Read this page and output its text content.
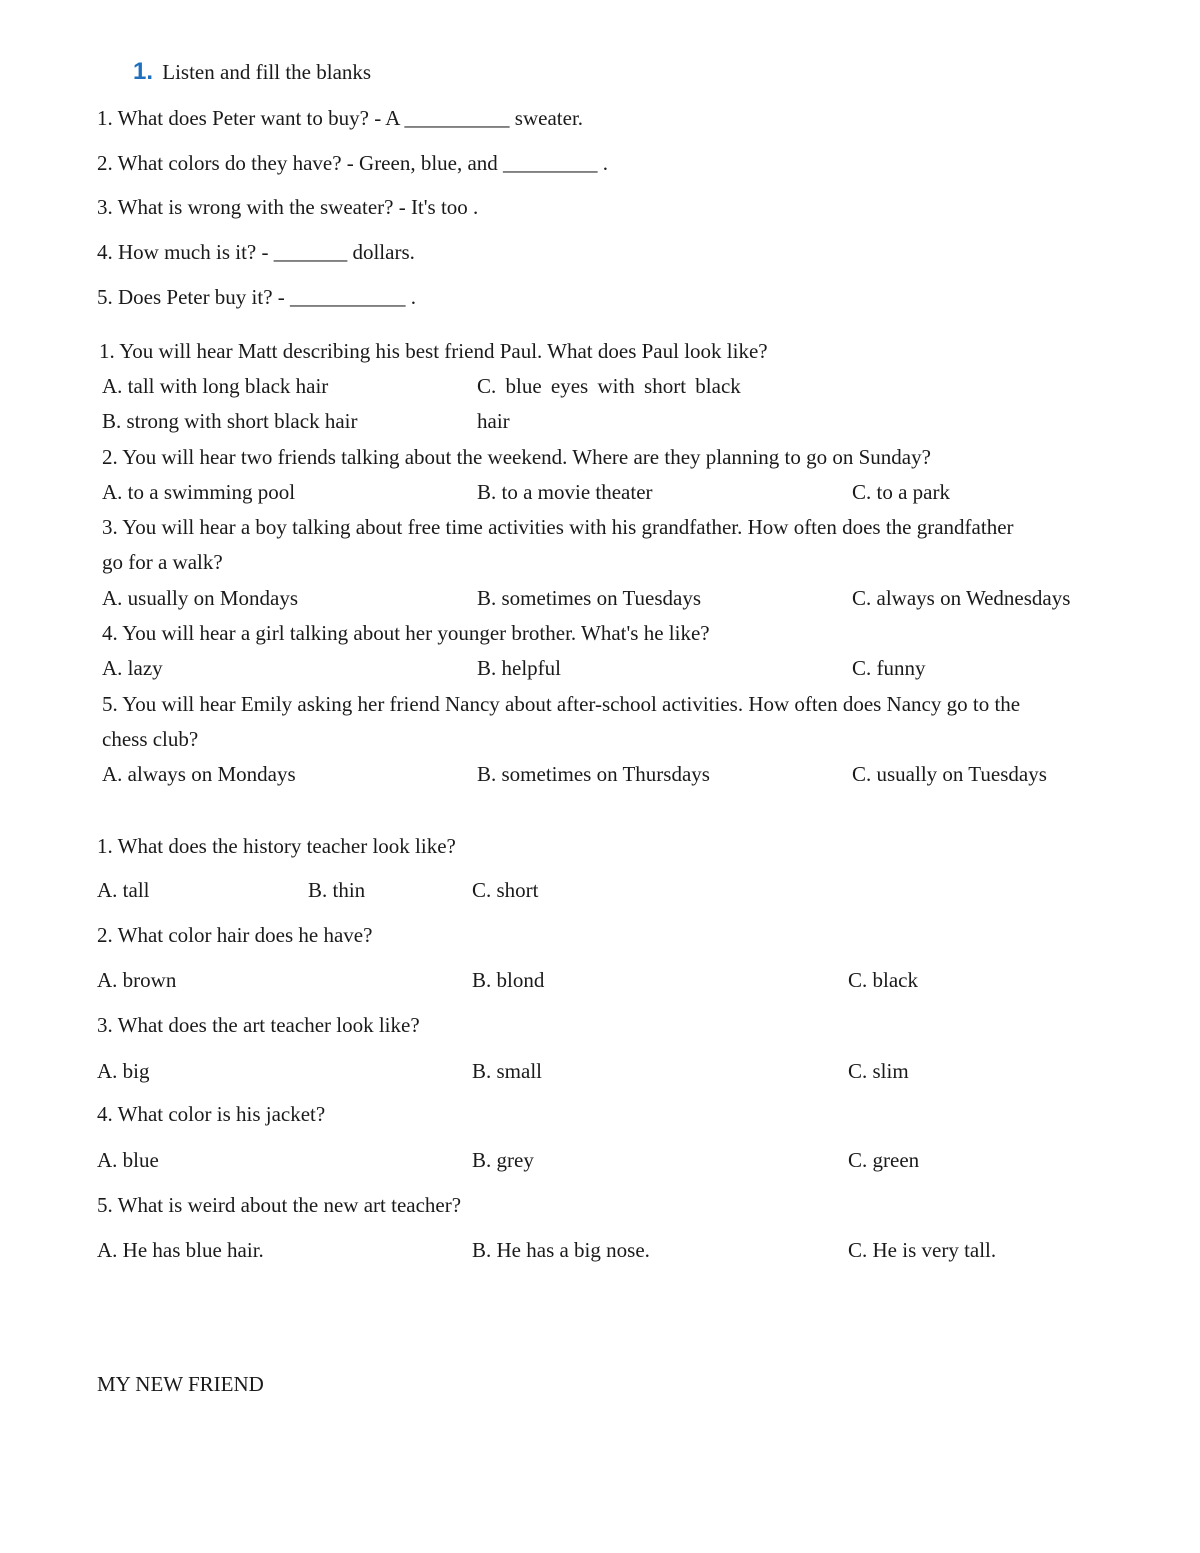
1. Listen and fill the blanks
1. What does Peter want to buy? - A __________ sweater.
2. What colors do they have? - Green, blue, and _________ .
3. What is wrong with the sweater? - It's too .
4. How much is it? - _______ dollars.
5. Does Peter buy it? - ___________ .
1. You will hear Matt describing his best friend Paul. What does Paul look like?
A. tall with long black hair	C. blue eyes with short black
B. strong with short black hair	hair
2. You will hear two friends talking about the weekend. Where are they planning to go on Sunday?
A. to a swimming pool	B. to a movie theater	C. to a park
3. You will hear a boy talking about free time activities with his grandfather. How often does the grandfather
go for a walk?
A. usually on Mondays	B. sometimes on Tuesdays	C. always on Wednesdays
4. You will hear a girl talking about her younger brother. What's he like?
A. lazy	B. helpful	C. funny
5. You will hear Emily asking her friend Nancy about after-school activities. How often does Nancy go to the
chess club?
A. always on Mondays	B. sometimes on Thursdays	C. usually on Tuesdays
1. What does the history teacher look like?
A. tall	B. thin	C. short
2. What color hair does he have?
A. brown	B. blond	C. black
3. What does the art teacher look like?
A. big	B. small	C. slim
4. What color is his jacket?
A. blue	B. grey	C. green
5. What is weird about the new art teacher?
A. He has blue hair.	B. He has a big nose.	C. He is very tall.
MY NEW FRIEND
